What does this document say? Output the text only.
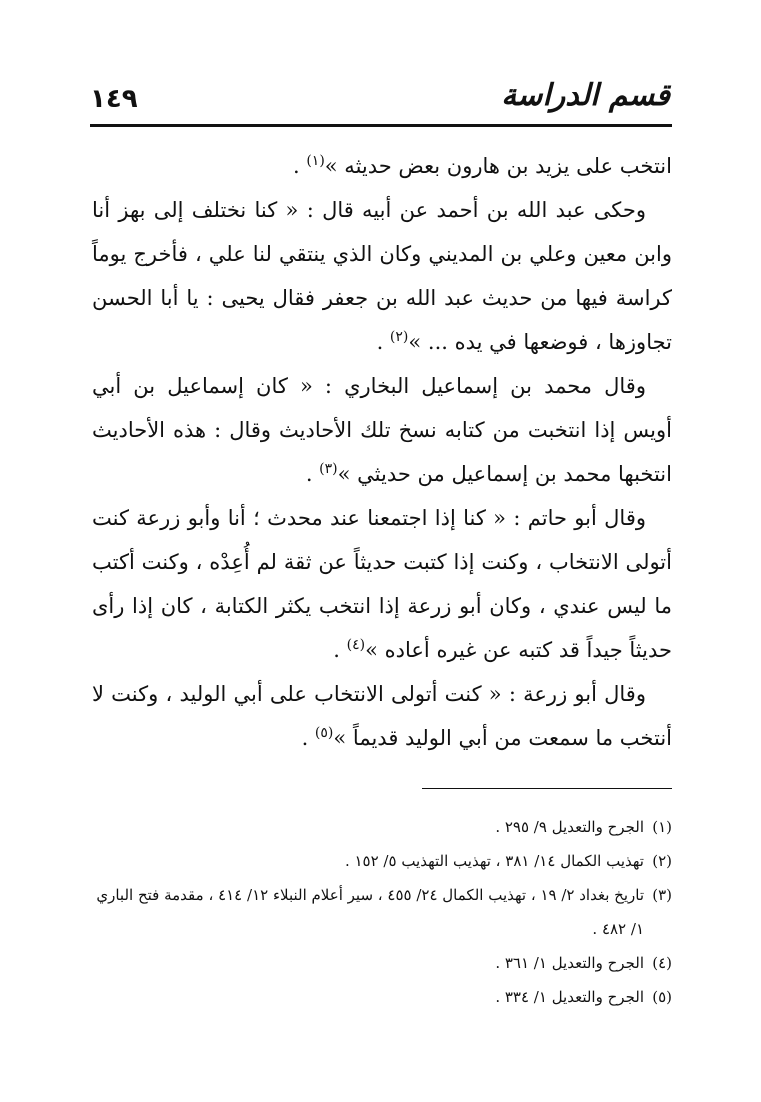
١٤٩	قسم الدراسة

انتخب على يزيد بن هارون بعض حديثه »$^{(١)}$ .

وحكى عبد الله بن أحمد عن أبيه قال : « كنا نختلف إلى بهز أنا وابن معين وعلي بن المديني وكان الذي ينتقي لنا علي ، فأخرج يوماً كراسة فيها من حديث عبد الله بن جعفر فقال يحيى : يا أبا الحسن تجاوزها ، فوضعها في يده ... »$^{(٢)}$ .

وقال محمد بن إسماعيل البخاري : « كان إسماعيل بن أبي أويس إذا انتخبت من كتابه نسخ تلك الأحاديث وقال : هذه الأحاديث انتخبها محمد بن إسماعيل من حديثي »$^{(٣)}$ .

وقال أبو حاتم : « كنا إذا اجتمعنا عند محدث ؛ أنا وأبو زرعة كنت أتولى الانتخاب ، وكنت إذا كتبت حديثاً عن ثقة لم أُعِدْه ، وكنت أكتب ما ليس عندي ، وكان أبو زرعة إذا انتخب يكثر الكتابة ، كان إذا رأى حديثاً جيداً قد كتبه عن غيره أعاده »$^{(٤)}$ .

وقال أبو زرعة : « كنت أتولى الانتخاب على أبي الوليد ، وكنت لا أنتخب ما سمعت من أبي الوليد قديماً »$^{(٥)}$ .

(١)
الجرح والتعديل ٩/ ٢٩٥ .

(٢)
تهذيب الكمال ١٤/ ٣٨١ ، تهذيب التهذيب ٥/ ١٥٢ .

(٣)
تاريخ بغداد ٢/ ١٩ ، تهذيب الكمال ٢٤/ ٤٥٥ ، سير أعلام النبلاء ١٢/ ٤١٤ ، مقدمة فتح الباري ١/ ٤٨٢ .

(٤)
الجرح والتعديل ١/ ٣٦١ .

(٥)
الجرح والتعديل ١/ ٣٣٤ .
